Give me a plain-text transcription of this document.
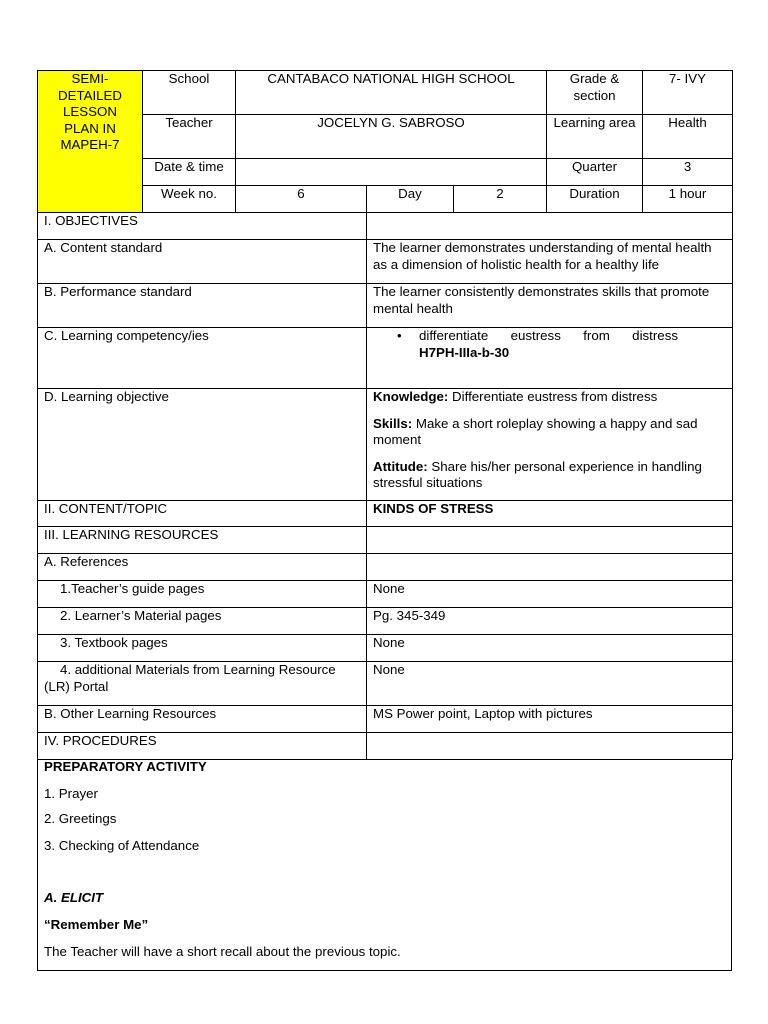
SEMI-
DETAILED
LESSON
PLAN IN
MAPEH-7	School	CANTABACO NATIONAL HIGH SCHOOL			Grade & section	7- IVY
	Teacher	JOCELYN G. SABROSO			Learning area	Health
	Date & time				Quarter	3
	Week no.	6	Day	2	Duration	1 hour
I. OBJECTIVES	
A. Content standard	The learner demonstrates understanding of mental health as a dimension of holistic health for a healthy life
B. Performance standard	The learner consistently demonstrates skills that promote mental health
C. Learning competency/ies	• differentiate eustress from distress
H7PH-IIIa-b-30

D. Learning objective	Knowledge: Differentiate eustress from distress

Skills: Make a short roleplay showing a happy and sad moment

Attitude: Share his/her personal experience in handling stressful situations

II. CONTENT/TOPIC	KINDS OF STRESS
III. LEARNING RESOURCES	
A. References	
1.Teacher’s guide pages	None
2. Learner’s Material pages	Pg. 345-349
3. Textbook pages	None
4. additional Materials from Learning Resource (LR) Portal	None
B. Other Learning Resources	MS Power point, Laptop with pictures
IV. PROCEDURES	
PREPARATORY ACTIVITY
1. Prayer
2. Greetings
3. Checking of Attendance
A. ELICIT
“Remember Me”
The Teacher will have a short recall about the previous topic.
